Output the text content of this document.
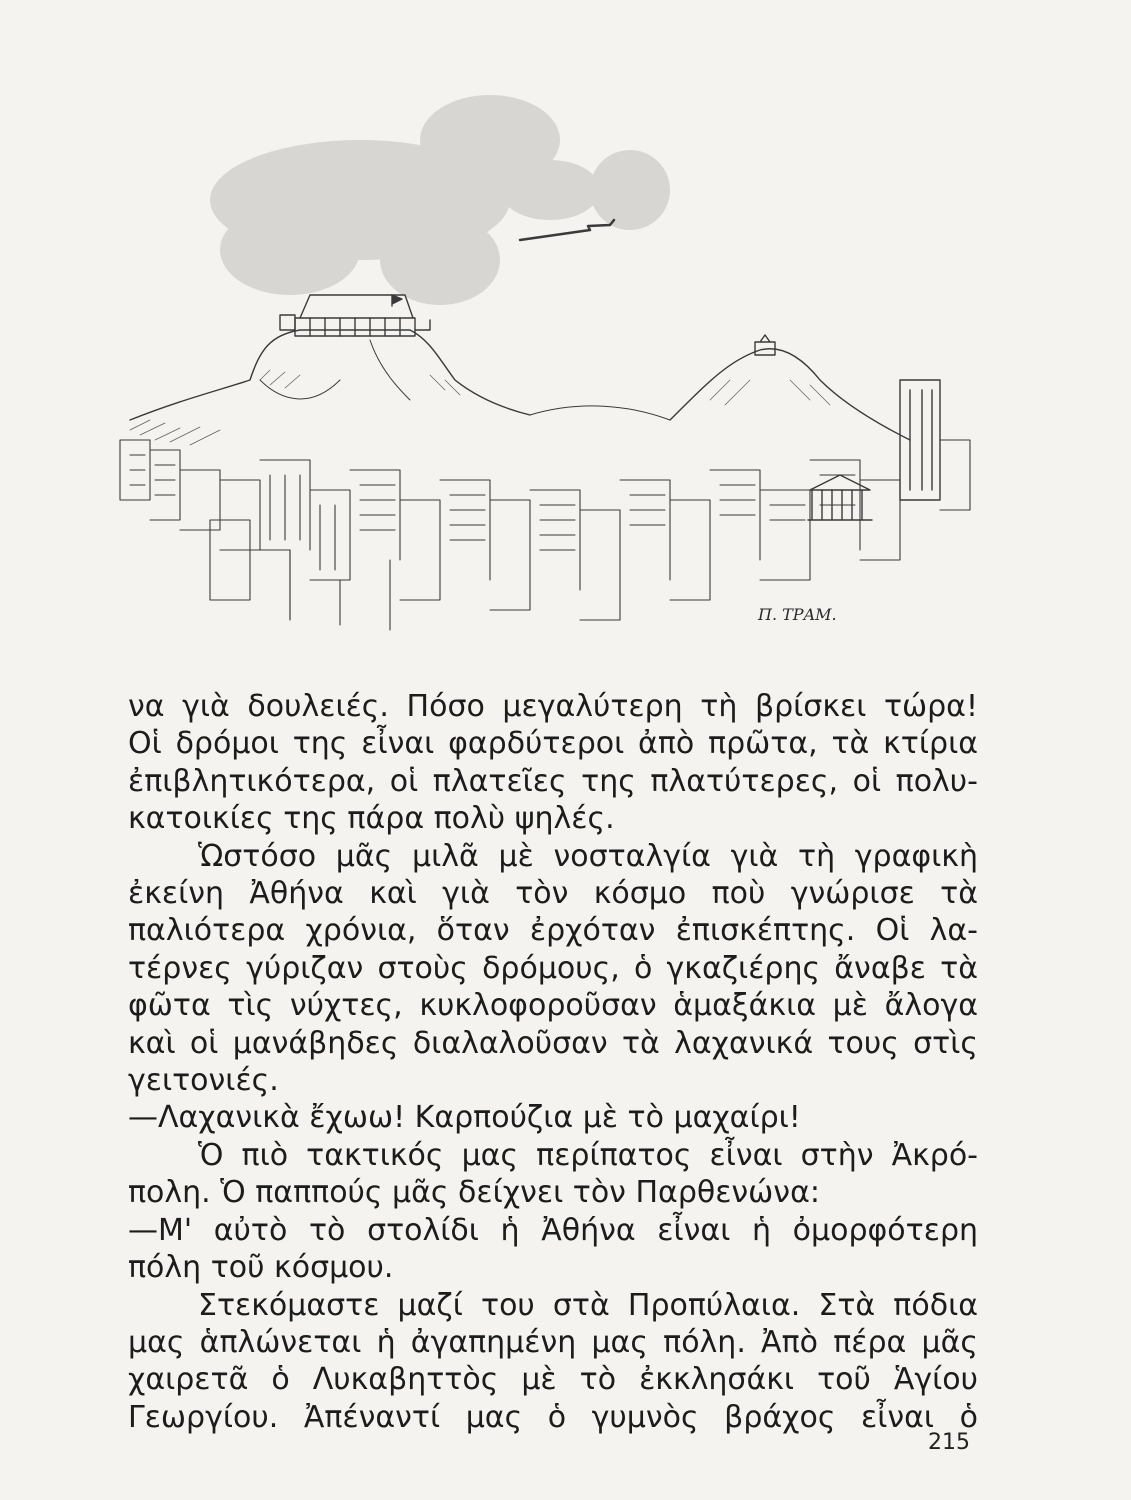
Π. ΤΡΑΜ.
να γιὰ δουλειές. Πόσο μεγαλύτερη τὴ βρίσκει τώρα!
Οἱ δρόμοι της εἶναι φαρδύτεροι ἀπὸ πρῶτα, τὰ κτίρια
ἐπιβλητικότερα, οἱ πλατεῖες της πλατύτερες, οἱ πολυ-
κατοικίες της πάρα πολὺ ψηλές.
Ὡστόσο μᾶς μιλᾶ μὲ νοσταλγία γιὰ τὴ γραφικὴ
ἐκείνη Ἀθήνα καὶ γιὰ τὸν κόσμο ποὺ γνώρισε τὰ
παλιότερα χρόνια, ὅταν ἐρχόταν ἐπισκέπτης. Οἱ λα-
τέρνες γύριζαν στοὺς δρόμους, ὁ γκαζιέρης ἄναβε τὰ
φῶτα τὶς νύχτες, κυκλοφοροῦσαν ἁμαξάκια μὲ ἄλογα
καὶ οἱ μανάβηδες διαλαλοῦσαν τὰ λαχανικά τους στὶς
γειτονιές.
—Λαχανικὰ ἔχωω! Καρπούζια μὲ τὸ μαχαίρι!
Ὁ πιὸ τακτικός μας περίπατος εἶναι στὴν Ἀκρό-
πολη. Ὁ παππούς μᾶς δείχνει τὸν Παρθενώνα:
—Μ' αὐτὸ τὸ στολίδι ἡ Ἀθήνα εἶναι ἡ ὀμορφότερη
πόλη τοῦ κόσμου.
Στεκόμαστε μαζί του στὰ Προπύλαια. Στὰ πόδια
μας ἁπλώνεται ἡ ἀγαπημένη μας πόλη. Ἀπὸ πέρα μᾶς
χαιρετᾶ ὁ Λυκαβηττὸς μὲ τὸ ἐκκλησάκι τοῦ Ἁγίου
Γεωργίου. Ἀπέναντί μας ὁ γυμνὸς βράχος εἶναι ὁ
215
